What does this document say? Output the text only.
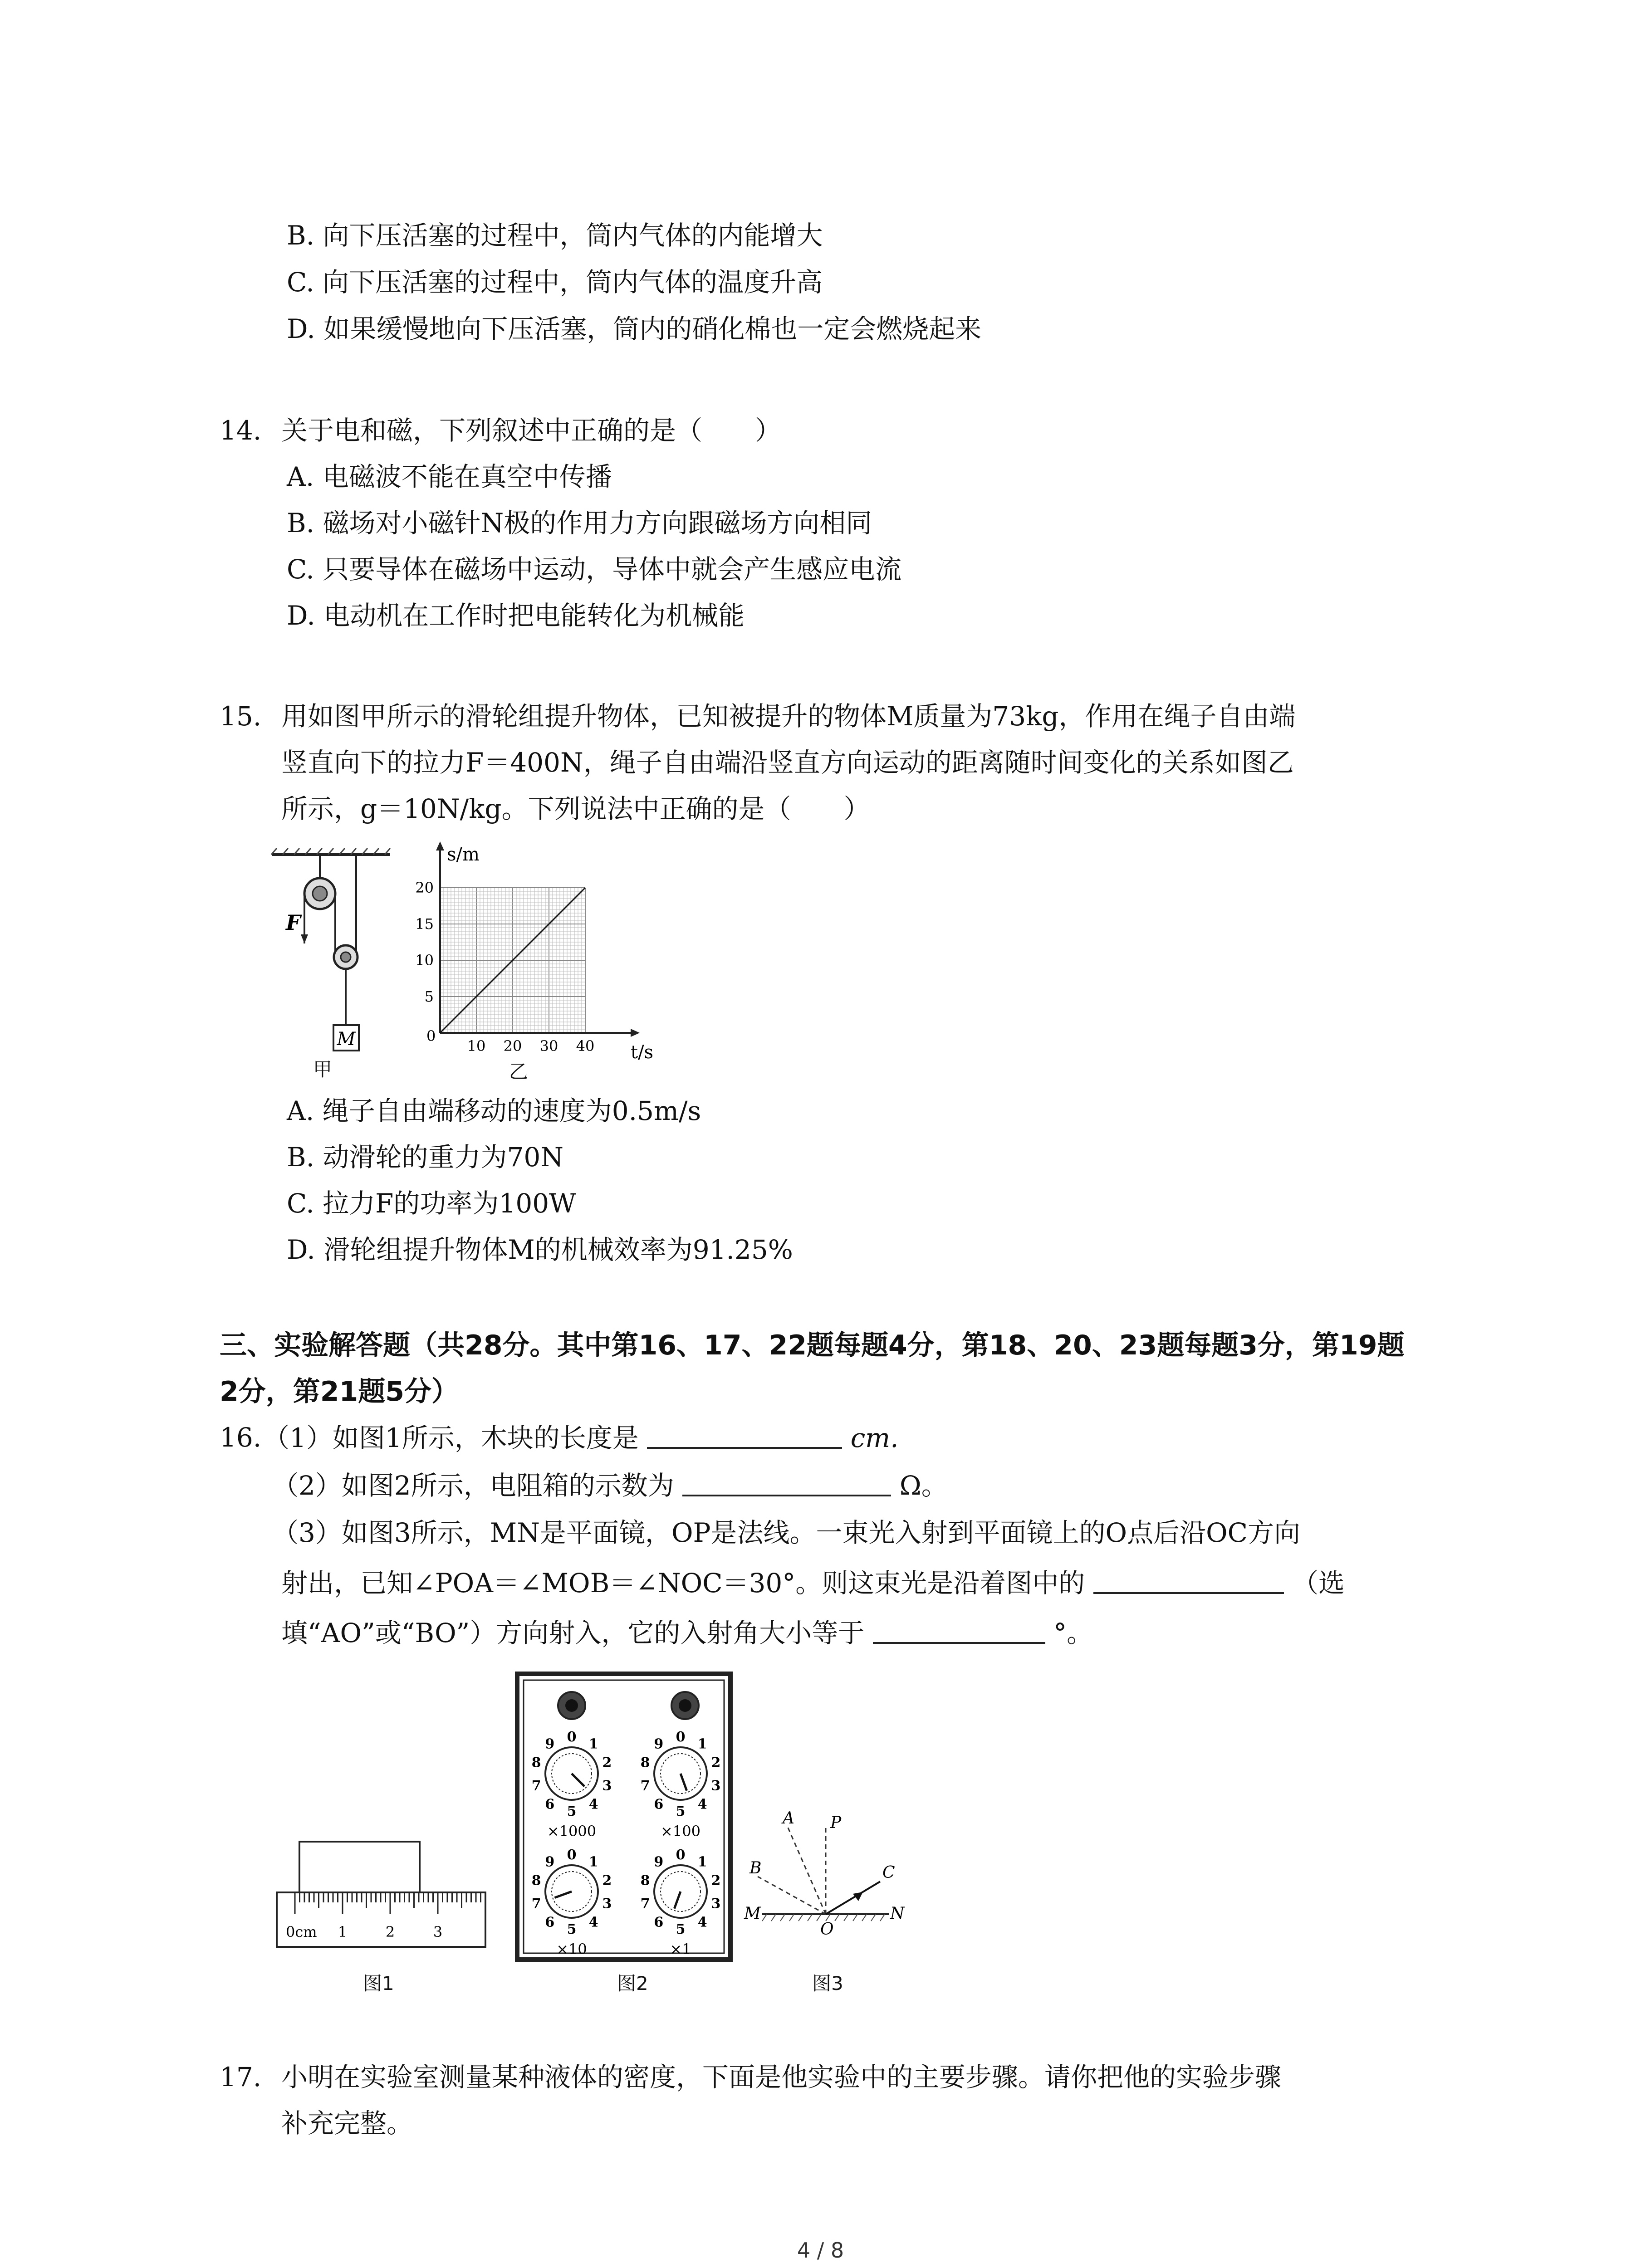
B. 向下压活塞的过程中，筒内气体的内能增大
C. 向下压活塞的过程中，筒内气体的温度升高
D. 如果缓慢地向下压活塞，筒内的硝化棉也一定会燃烧起来
14. 关于电和磁，下列叙述中正确的是（　　）
A. 电磁波不能在真空中传播
B. 磁场对小磁针N极的作用力方向跟磁场方向相同
C. 只要导体在磁场中运动，导体中就会产生感应电流
D. 电动机在工作时把电能转化为机械能
15. 用如图甲所示的滑轮组提升物体，已知被提升的物体M质量为73kg，作用在绳子自由端
竖直向下的拉力F＝400N，绳子自由端沿竖直方向运动的距离随时间变化的关系如图乙
所示，g＝10N/kg。下列说法中正确的是（　　）
F
M
甲
10 20 30 40
5
10
15
20
s/m
t/s
0
乙
A. 绳子自由端移动的速度为0.5m/s
B. 动滑轮的重力为70N
C. 拉力F的功率为100W
D. 滑轮组提升物体M的机械效率为91.25%
三、实验解答题（共28分。其中第16、17、22题每题4分，第18、20、23题每题3分，第19题
2分，第21题5分）
16. （1）如图1所示，木块的长度是	cm.
（2）如图2所示，电阻箱的示数为	Ω。
（3）如图3所示，MN是平面镜，OP是法线。一束光入射到平面镜上的O点后沿OC方向
射出，已知∠POA＝∠MOB＝∠NOC＝30°。则这束光是沿着图中的	（选
填“AO”或“BO”）方向射入，它的入射角大小等于	°。
0cm 1	2	3
图1
0 1
2
3
4
5
6
7
8
9
×1000
0 1
2
3
4
5
6
7
8
9
×100
0 1
2
3
4
5
6
7
8
9
×10
0 1
2
3
4
5
6
7
8
9
×1
图2
A P
B	C
M
O
N
图3
17. 小明在实验室测量某种液体的密度，下面是他实验中的主要步骤。请你把他的实验步骤
补充完整。
4 / 8
